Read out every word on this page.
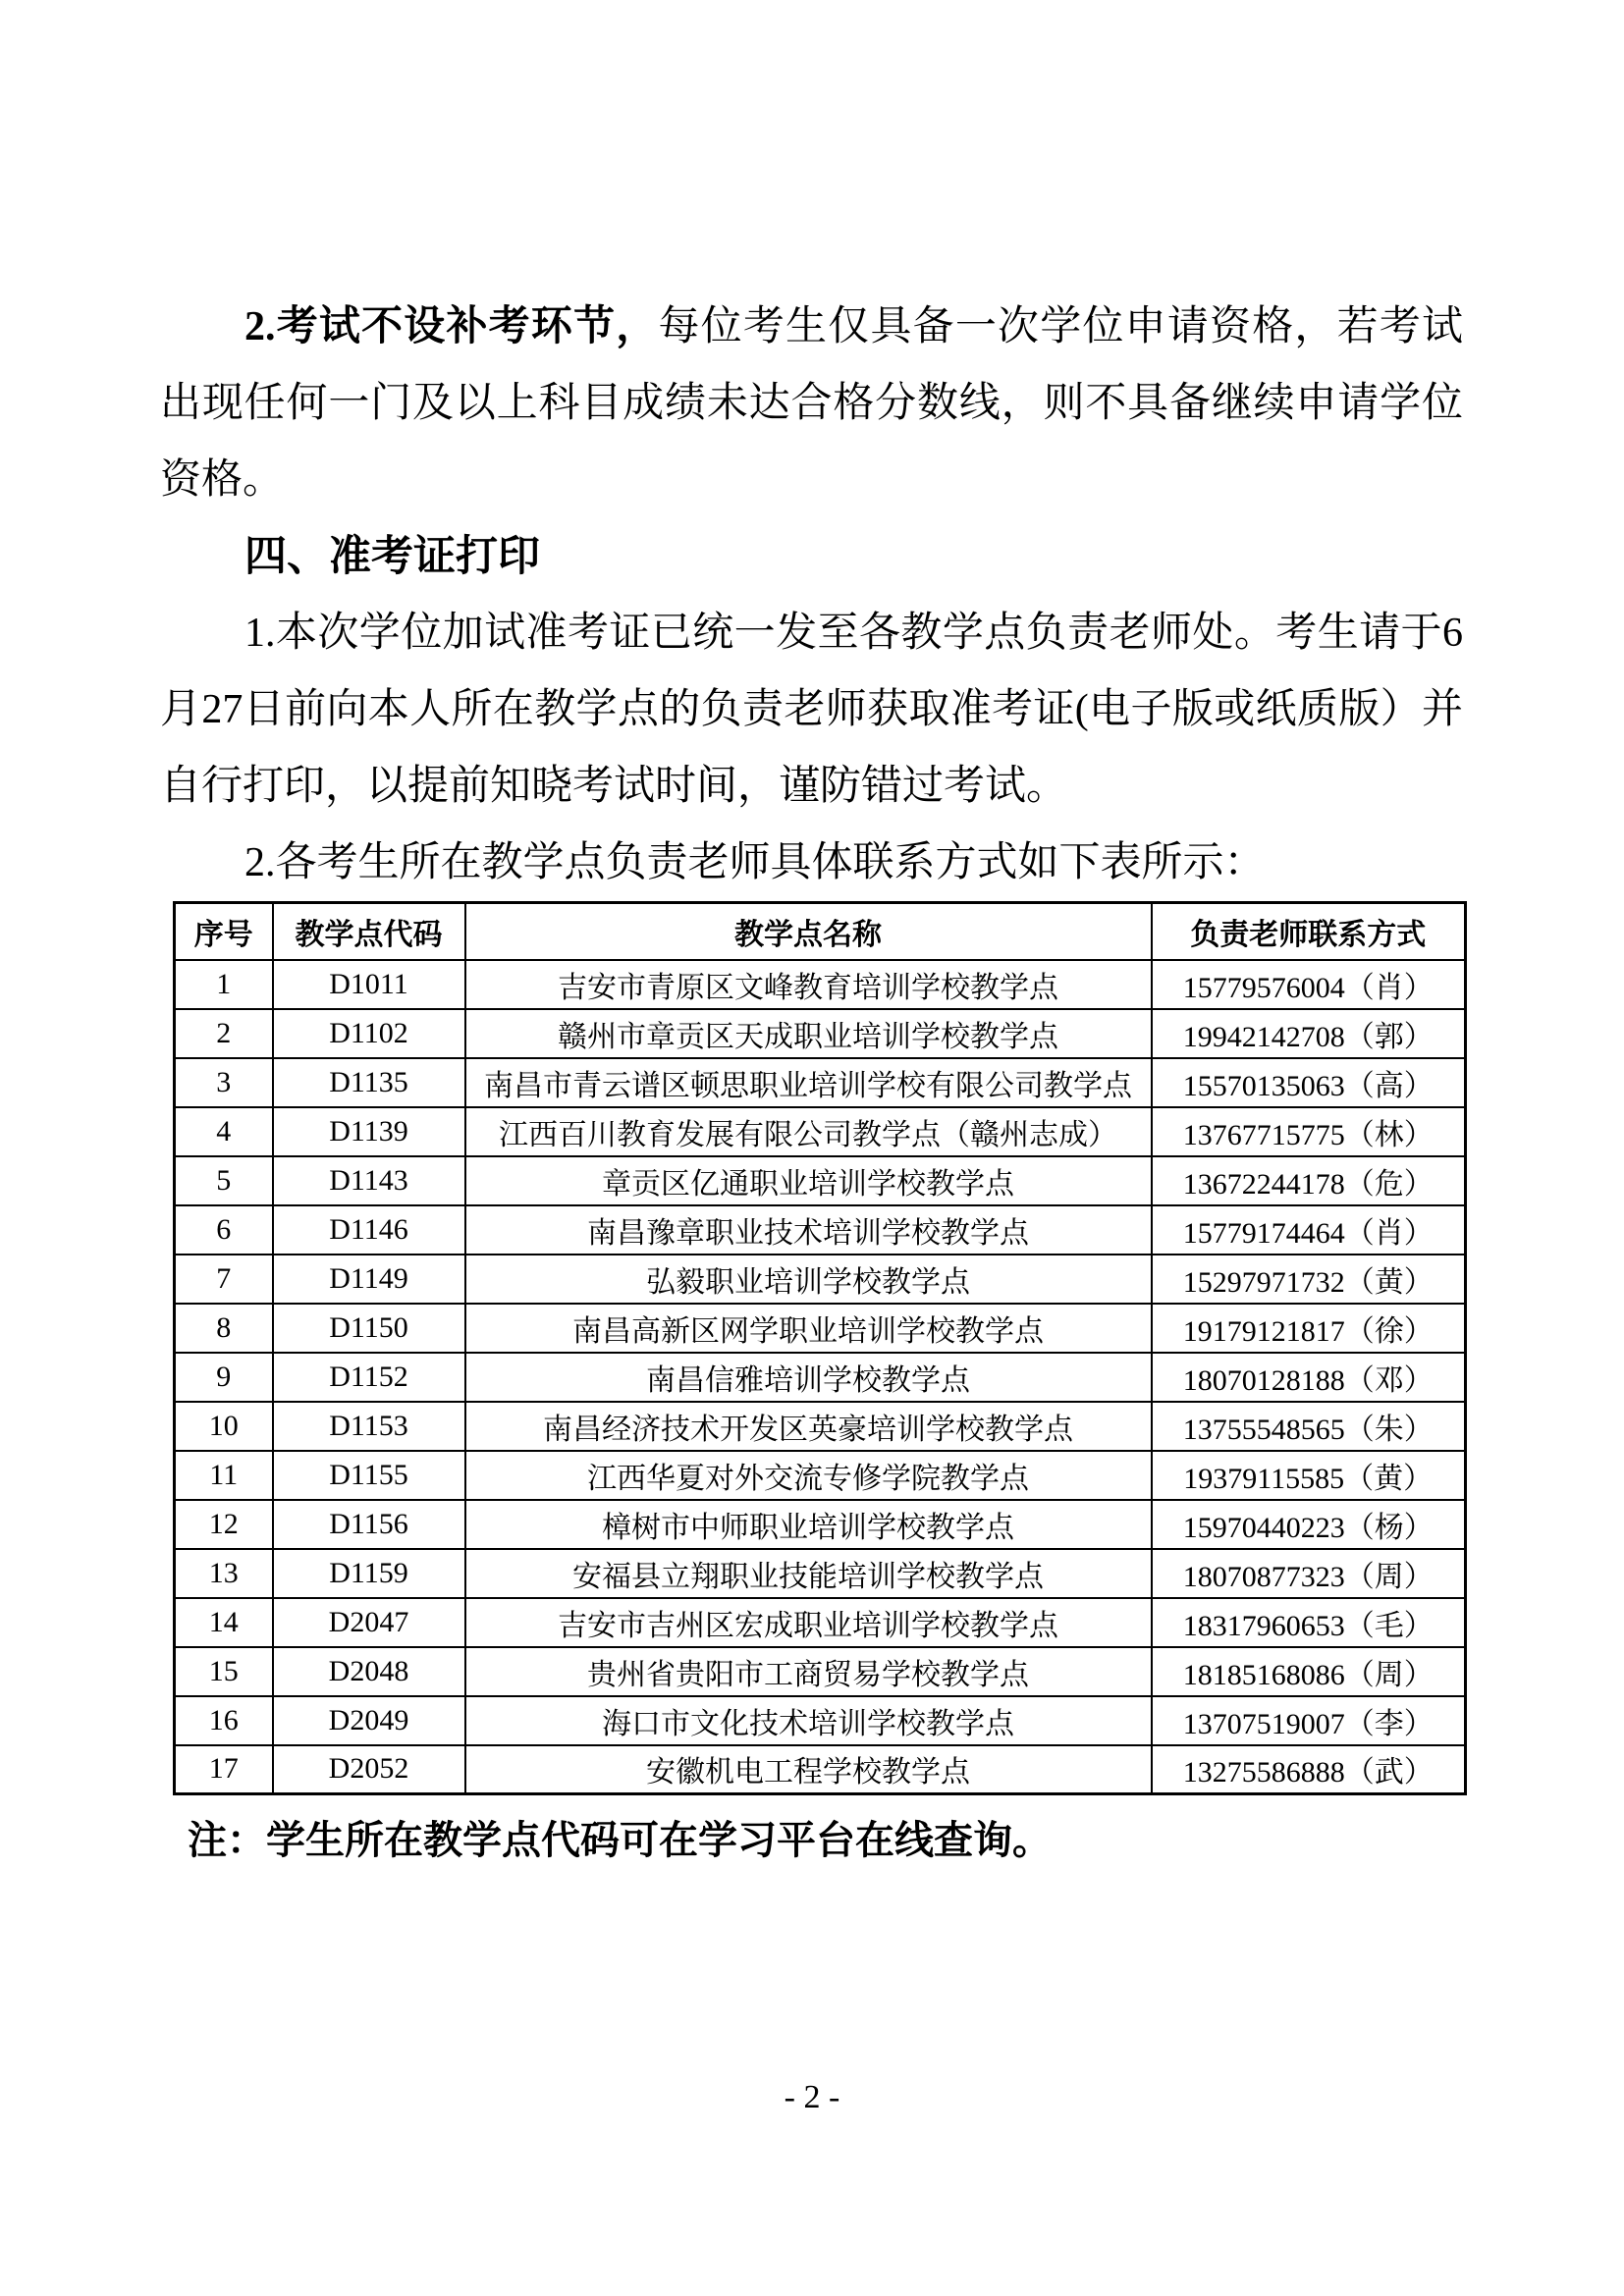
2.考试不设补考环节，每位考生仅具备一次学位申请资格，若考试出现任何一门及以上科目成绩未达合格分数线，则不具备继续申请学位资格。

四、准考证打印

1.本次学位加试准考证已统一发至各教学点负责老师处。考生请于6月27日前向本人所在教学点的负责老师获取准考证(电子版或纸质版）并自行打印，以提前知晓考试时间，谨防错过考试。

2.各考生所在教学点负责老师具体联系方式如下表所示：

序号	教学点代码	教学点名称	负责老师联系方式
1	D1011	吉安市青原区文峰教育培训学校教学点	15779576004（肖）
2	D1102	赣州市章贡区天成职业培训学校教学点	19942142708（郭）
3	D1135	南昌市青云谱区顿思职业培训学校有限公司教学点	15570135063（高）
4	D1139	江西百川教育发展有限公司教学点（赣州志成）	13767715775（林）
5	D1143	章贡区亿通职业培训学校教学点	13672244178（危）
6	D1146	南昌豫章职业技术培训学校教学点	15779174464（肖）
7	D1149	弘毅职业培训学校教学点	15297971732（黄）
8	D1150	南昌高新区网学职业培训学校教学点	19179121817（徐）
9	D1152	南昌信雅培训学校教学点	18070128188（邓）
10	D1153	南昌经济技术开发区英豪培训学校教学点	13755548565（朱）
11	D1155	江西华夏对外交流专修学院教学点	19379115585（黄）
12	D1156	樟树市中师职业培训学校教学点	15970440223（杨）
13	D1159	安福县立翔职业技能培训学校教学点	18070877323（周）
14	D2047	吉安市吉州区宏成职业培训学校教学点	18317960653（毛）
15	D2048	贵州省贵阳市工商贸易学校教学点	18185168086（周）
16	D2049	海口市文化技术培训学校教学点	13707519007（李）
17	D2052	安徽机电工程学校教学点	13275586888（武）

注：学生所在教学点代码可在学习平台在线查询。

- 2 -
